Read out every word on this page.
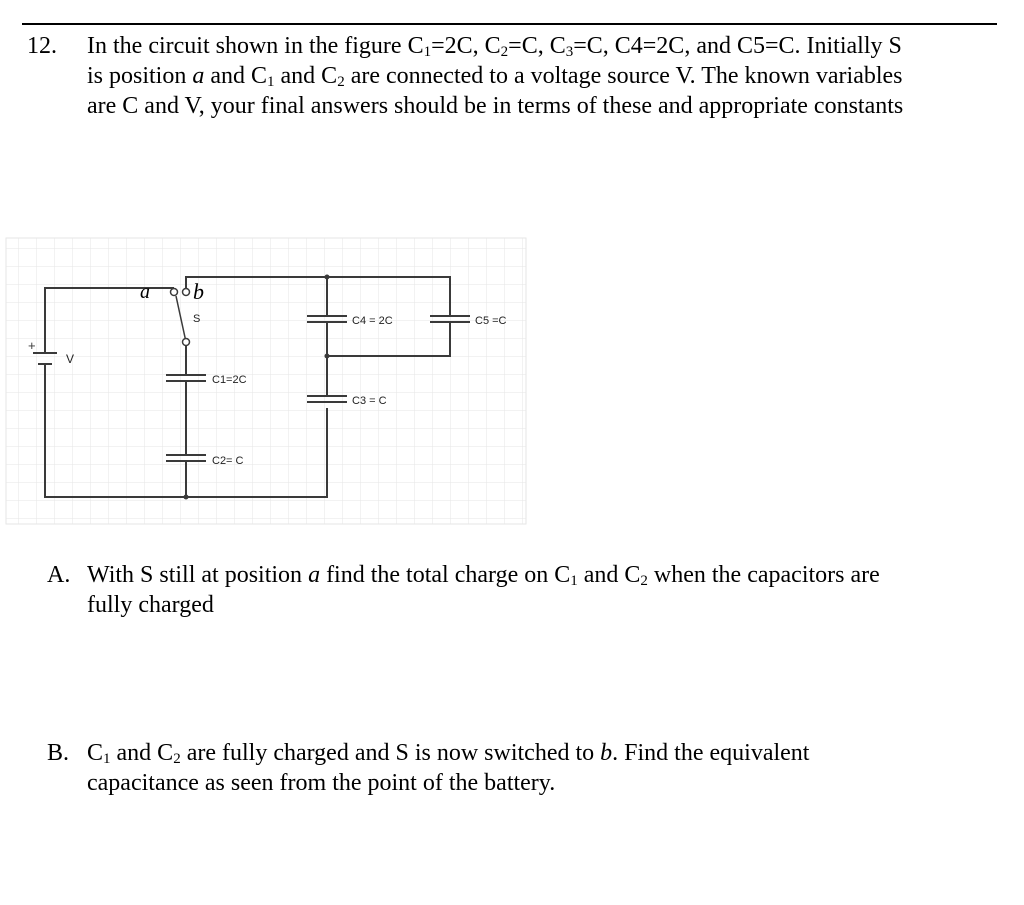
12. In the circuit shown in the figure $C_1=2C$, $C_2=C$, $C_3=C$, C4=2C, and C5=C. Initially S
is position a and $C_1$ and $C_2$ are connected to a voltage source V. The known variables
are C and V, your final answers should be in terms of these and appropriate constants
+
V
a b
S
C1=2C
C2= C
C4 = 2C	C5 =C
C3 = C
A. With S still at position a find the total charge on $C_1$ and $C_2$ when the capacitors are
fully charged
B. $C_1$ and $C_2$ are fully charged and S is now switched to b. Find the equivalent
capacitance as seen from the point of the battery.
